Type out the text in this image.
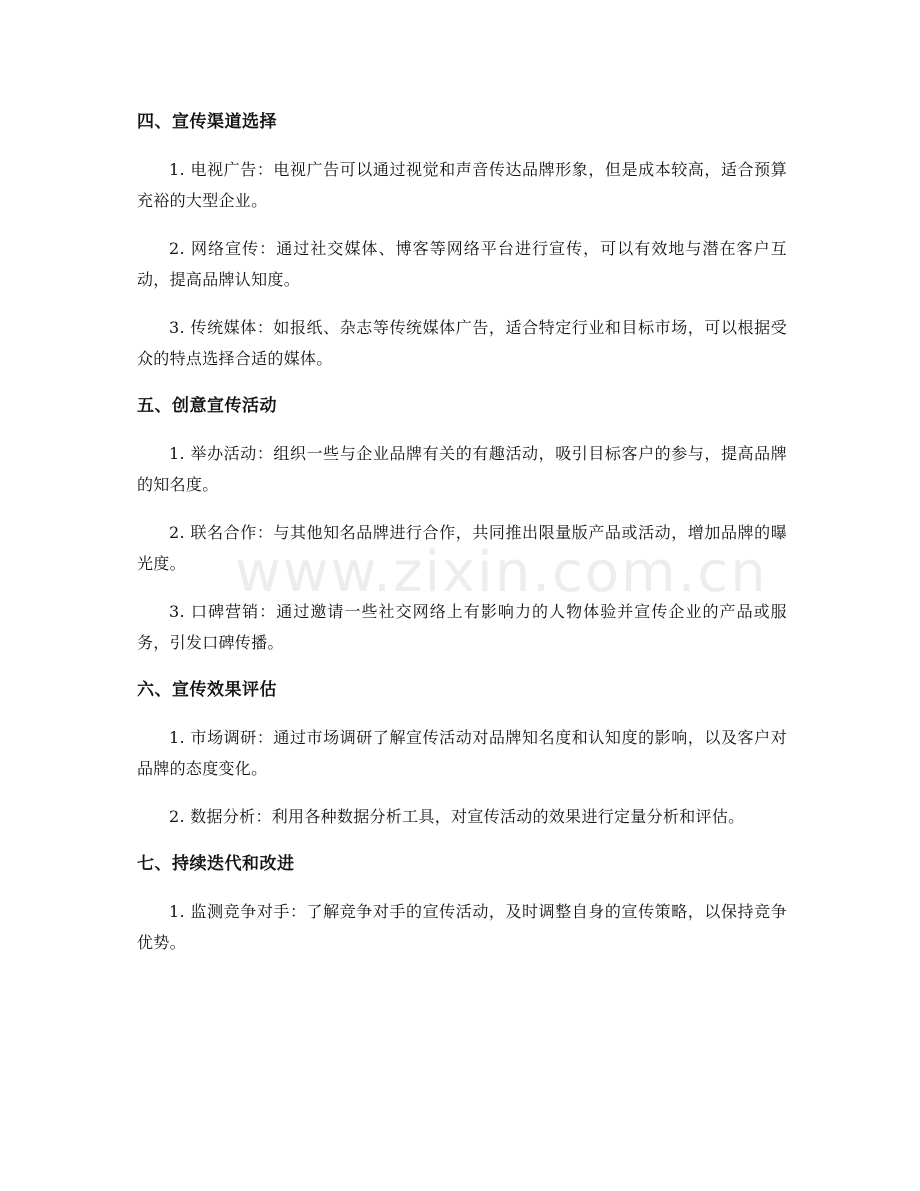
www.zixin.com.cn
四、宣传渠道选择

1. 电视广告：电视广告可以通过视觉和声音传达品牌形象，但是成本较高，适合预算充裕的大型企业。

2. 网络宣传：通过社交媒体、博客等网络平台进行宣传，可以有效地与潜在客户互动，提高品牌认知度。

3. 传统媒体：如报纸、杂志等传统媒体广告，适合特定行业和目标市场，可以根据受众的特点选择合适的媒体。

五、创意宣传活动

1. 举办活动：组织一些与企业品牌有关的有趣活动，吸引目标客户的参与，提高品牌的知名度。

2. 联名合作：与其他知名品牌进行合作，共同推出限量版产品或活动，增加品牌的曝光度。

3. 口碑营销：通过邀请一些社交网络上有影响力的人物体验并宣传企业的产品或服务，引发口碑传播。

六、宣传效果评估

1. 市场调研：通过市场调研了解宣传活动对品牌知名度和认知度的影响，以及客户对品牌的态度变化。

2. 数据分析：利用各种数据分析工具，对宣传活动的效果进行定量分析和评估。

七、持续迭代和改进

1. 监测竞争对手：了解竞争对手的宣传活动，及时调整自身的宣传策略，以保持竞争优势。
